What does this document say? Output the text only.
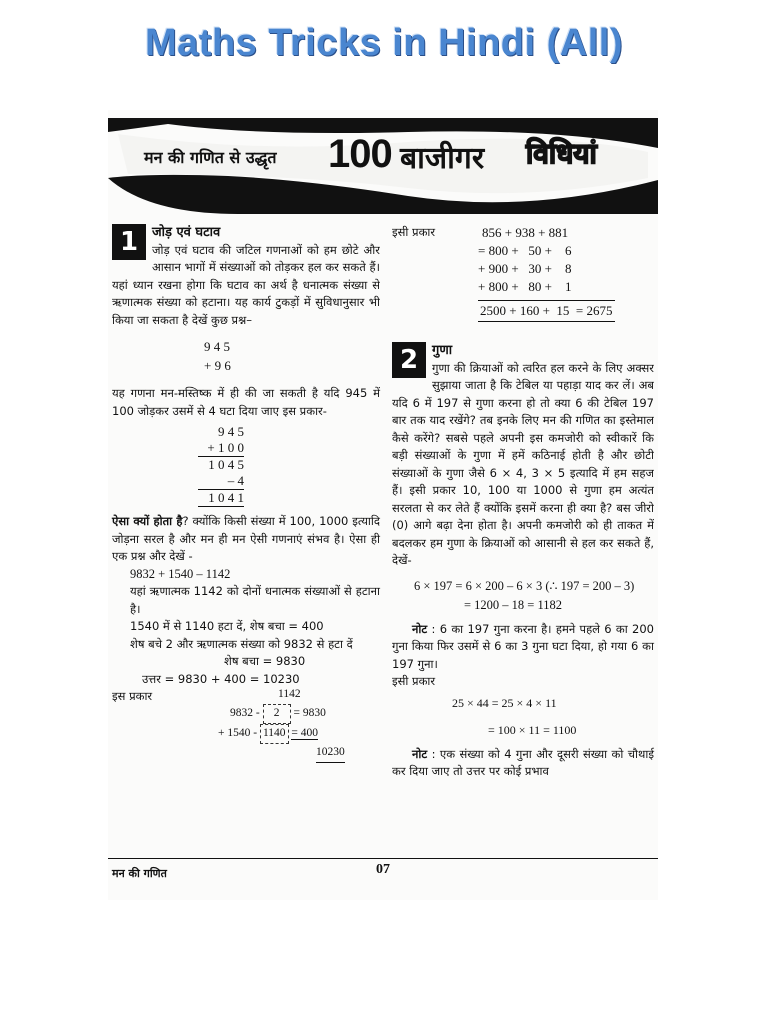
Maths Tricks in Hindi (All)
मन की गणित से उद्धृत 100 बाजीगर विधियां
1	जोड़ एवं घटाव
जोड़ एवं घटाव की जटिल गणनाओं को हम छोटे और आसान भागों में संख्याओं को तोड़कर हल कर सकते हैं। यहां ध्यान रखना होगा कि घटाव का अर्थ है धनात्मक संख्या से ऋणात्मक संख्या को हटाना। यह कार्य टुकड़ों में सुविधानुसार भी किया जा सकता है देखें कुछ प्रश्न–
9 4 5
+ 9 6
यह गणना मन-मस्तिष्क में ही की जा सकती है यदि 945 में 100 जोड़कर उसमें से 4 घटा दिया जाए इस प्रकार-
9 4 5
+ 1 0 0
1 0 4 5
– 4
1 0 4 1
ऐसा क्यों होता है? क्योंकि किसी संख्या में 100, 1000 इत्यादि जोड़ना सरल है और मन ही मन ऐसी गणनाएं संभव है। ऐसा ही एक प्रश्न और देखें -
9832 + 1540 – 1142
यहां ऋणात्मक 1142 को दोनों धनात्मक संख्याओं से हटाना है।
1540 में से 1140 हटा दें, शेष बचा = 400
शेष बचे 2 और ऋणात्मक संख्या को 9832 से हटा दें
शेष बचा = 9830
उत्तर = 9830 + 400 = 10230
इस प्रकार	1142
9832 - 2 = 9830
+ 1540 - 1140 = 400
10230
इसी प्रकार	856 + 938 + 881
= 800 +   50 +    6
+ 900 +   30 +    8
+ 800 +   80 +    1
2500 + 160 +  15  = 2675
2	गुणा
गुणा की क्रियाओं को त्वरित हल करने के लिए अक्सर सुझाया जाता है कि टेबिल या पहाड़ा याद कर लें। अब यदि 6 में 197 से गुणा करना हो तो क्या 6 की टेबिल 197 बार तक याद रखेंगे? तब इनके लिए मन की गणित का इस्तेमाल कैसे करेंगे? सबसे पहले अपनी इस कमजोरी को स्वीकारें कि बड़ी संख्याओं के गुणा में हमें कठिनाई होती है और छोटी संख्याओं के गुणा जैसे 6 × 4, 3 × 5 इत्यादि में हम सहज हैं। इसी प्रकार 10, 100 या 1000 से गुणा हम अत्यंत सरलता से कर लेते हैं क्योंकि इसमें करना ही क्या है? बस जीरो (0) आगे बढ़ा देना होता है। अपनी कमजोरी को ही ताकत में बदलकर हम गुणा के क्रियाओं को आसानी से हल कर सकते हैं, देखें-
6 × 197 = 6 × 200 – 6 × 3 (∴ 197 = 200 – 3)
= 1200 – 18 = 1182
नोट : 6 का 197 गुना करना है। हमने पहले 6 का 200 गुना किया फिर उसमें से 6 का 3 गुना घटा दिया, हो गया 6 का 197 गुना।
इसी प्रकार
25 × 44 = 25 × 4 × 11
= 100 × 11 = 1100
नोट : एक संख्या को 4 गुना और दूसरी संख्या को चौथाई कर दिया जाए तो उत्तर पर कोई प्रभाव
मन की गणित	07
